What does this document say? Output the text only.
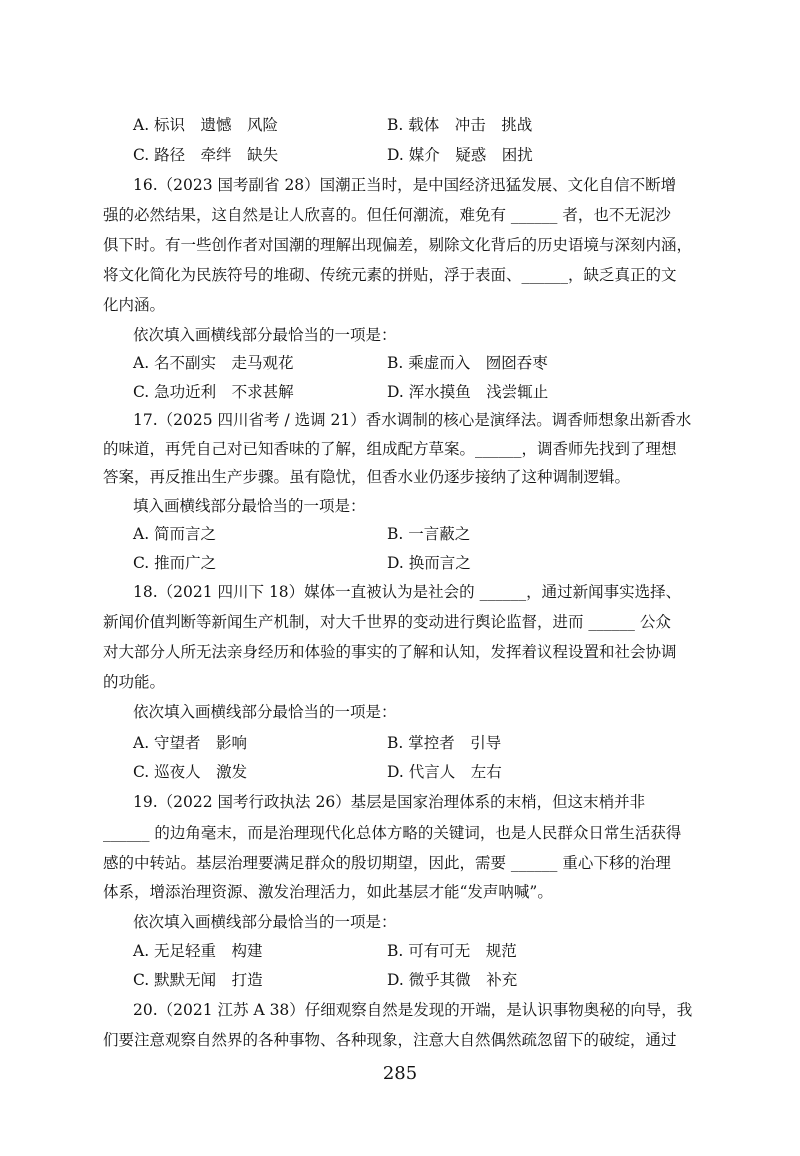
A. 标识　遗憾　风险	B. 载体　冲击　挑战
C. 路径　牵绊　缺失	D. 媒介　疑惑　困扰
16.（2023 国考副省 28）国潮正当时，是中国经济迅猛发展、文化自信不断增
强的必然结果，这自然是让人欣喜的。但任何潮流，难免有 ______ 者，也不无泥沙
俱下时。有一些创作者对国潮的理解出现偏差，剔除文化背后的历史语境与深刻内涵，
将文化简化为民族符号的堆砌、传统元素的拼贴，浮于表面、______，缺乏真正的文
化内涵。
依次填入画横线部分最恰当的一项是：
A. 名不副实　走马观花	B. 乘虚而入　囫囵吞枣
C. 急功近利　不求甚解	D. 浑水摸鱼　浅尝辄止
17.（2025 四川省考 / 选调 21）香水调制的核心是演绎法。调香师想象出新香水
的味道，再凭自己对已知香味的了解，组成配方草案。______，调香师先找到了理想
答案，再反推出生产步骤。虽有隐忧，但香水业仍逐步接纳了这种调制逻辑。
填入画横线部分最恰当的一项是：
A. 简而言之	B. 一言蔽之
C. 推而广之	D. 换而言之
18.（2021 四川下 18）媒体一直被认为是社会的 ______，通过新闻事实选择、
新闻价值判断等新闻生产机制，对大千世界的变动进行舆论监督，进而 ______ 公众
对大部分人所无法亲身经历和体验的事实的了解和认知，发挥着议程设置和社会协调
的功能。
依次填入画横线部分最恰当的一项是：
A. 守望者　影响	B. 掌控者　引导
C. 巡夜人　激发	D. 代言人　左右
19.（2022 国考行政执法 26）基层是国家治理体系的末梢，但这末梢并非
______ 的边角毫末，而是治理现代化总体方略的关键词，也是人民群众日常生活获得
感的中转站。基层治理要满足群众的殷切期望，因此，需要 ______ 重心下移的治理
体系，增添治理资源、激发治理活力，如此基层才能“发声呐喊”。
依次填入画横线部分最恰当的一项是：
A. 无足轻重　构建	B. 可有可无　规范
C. 默默无闻　打造	D. 微乎其微　补充
20.（2021 江苏 A 38）仔细观察自然是发现的开端，是认识事物奥秘的向导，我
们要注意观察自然界的各种事物、各种现象，注意大自然偶然疏忽留下的破绽，通过
285
